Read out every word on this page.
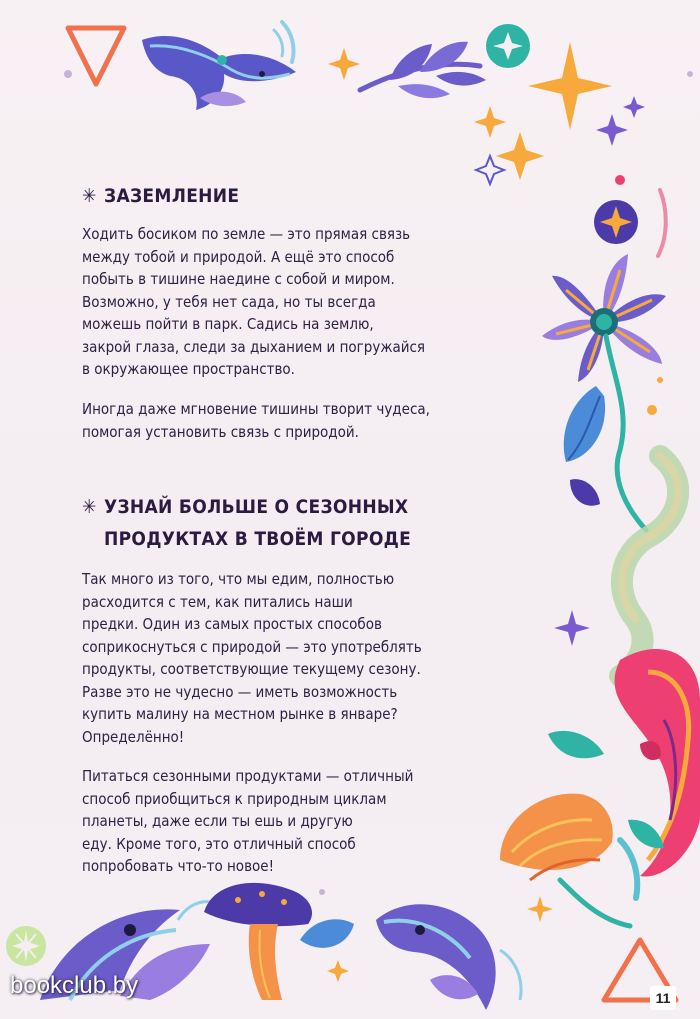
✳ ЗАЗЕМЛЕНИЕ

Ходить босиком по земле — это прямая связь
между тобой и природой. А ещё это способ
побыть в тишине наедине с собой и миром.
Возможно, у тебя нет сада, но ты всегда
можешь пойти в парк. Садись на землю,
закрой глаза, следи за дыханием и погружайся
в окружающее пространство.

Иногда даже мгновение тишины творит чудеса,
помогая установить связь с природой.

✳ УЗНАЙ БОЛЬШЕ О СЕЗОННЫХ
ПРОДУКТАХ В ТВОЁМ ГОРОДЕ

Так много из того, что мы едим, полностью
расходится с тем, как питались наши
предки. Один из самых простых способов
соприкоснуться с природой — это употреблять
продукты, соответствующие текущему сезону.
Разве это не чудесно — иметь возможность
купить малину на местном рынке в январе?
Определённо!

Питаться сезонными продуктами — отличный
способ приобщиться к природным циклам
планеты, даже если ты ешь и другую
еду. Кроме того, это отличный способ
попробовать что-то новое!

bookclub.by	11
